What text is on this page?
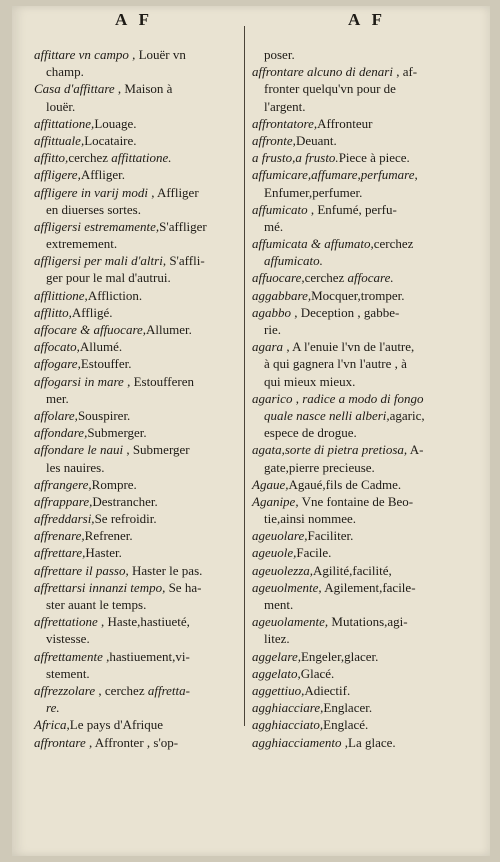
A F	A F
affittare vn campo , Louër vn
champ.
Casa d'affittare , Maison à
louër.
affittatione,Louage.
affittuale,Locataire.
affitto,cerchez affittatione.
affligere,Affliger.
affligere in varij modi , Affliger
en diuerses sortes.
affligersi estremamente,S'affliger
extremement.
affligersi per mali d'altri, S'affli-
ger pour le mal d'autrui.
afflittione,Affliction.
afflitto,Affligé.
affocare & affuocare,Allumer.
affocato,Allumé.
affogare,Estouffer.
affogarsi in mare , Estoufferen
mer.
affolare,Souspirer.
affondare,Submerger.
affondare le naui , Submerger
les nauires.
affrangere,Rompre.
affrappare,Destrancher.
affreddarsi,Se refroidir.
affrenare,Refrener.
affrettare,Haster.
affrettare il passo, Haster le pas.
affrettarsi innanzi tempo, Se ha-
ster auant le temps.
affrettatione , Haste,hastiueté,
vistesse.
affrettamente ,hastiuement,vi-
stement.
affrezzolare , cerchez affretta-
re.
Africa,Le pays d'Afrique
affrontare , Affronter , s'op-
poser.
affrontare alcuno di denari , af-
fronter quelqu'vn pour de
l'argent.
affrontatore,Affronteur
affronte,Deuant.
a frusto,a frusto.Piece à piece.
affumicare,affumare,perfumare,
Enfumer,perfumer.
affumicato , Enfumé, perfu-
mé.
affumicata & affumato,cerchez
affumicato.
affuocare,cerchez affocare.
aggabbare,Mocquer,tromper.
agabbo , Deception , gabbe-
rie.
agara , A l'enuie l'vn de l'autre,
à qui gagnera l'vn l'autre , à
qui mieux mieux.
agarico , radice a modo di fongo
quale nasce nelli alberi,agaric,
espece de drogue.
agata,sorte di pietra pretiosa, A-
gate,pierre precieuse.
Agaue,Agaué,fils de Cadme.
Aganipe, Vne fontaine de Beo-
tie,ainsi nommee.
ageuolare,Faciliter.
ageuole,Facile.
ageuolezza,Agilité,facilité,
ageuolmente, Agilement,facile-
ment.
ageuolamente, Mutations,agi-
litez.
aggelare,Engeler,glacer.
aggelato,Glacé.
aggettiuo,Adiectif.
agghiacciare,Englacer.
agghiacciato,Englacé.
agghiacciamento ,La glace.
